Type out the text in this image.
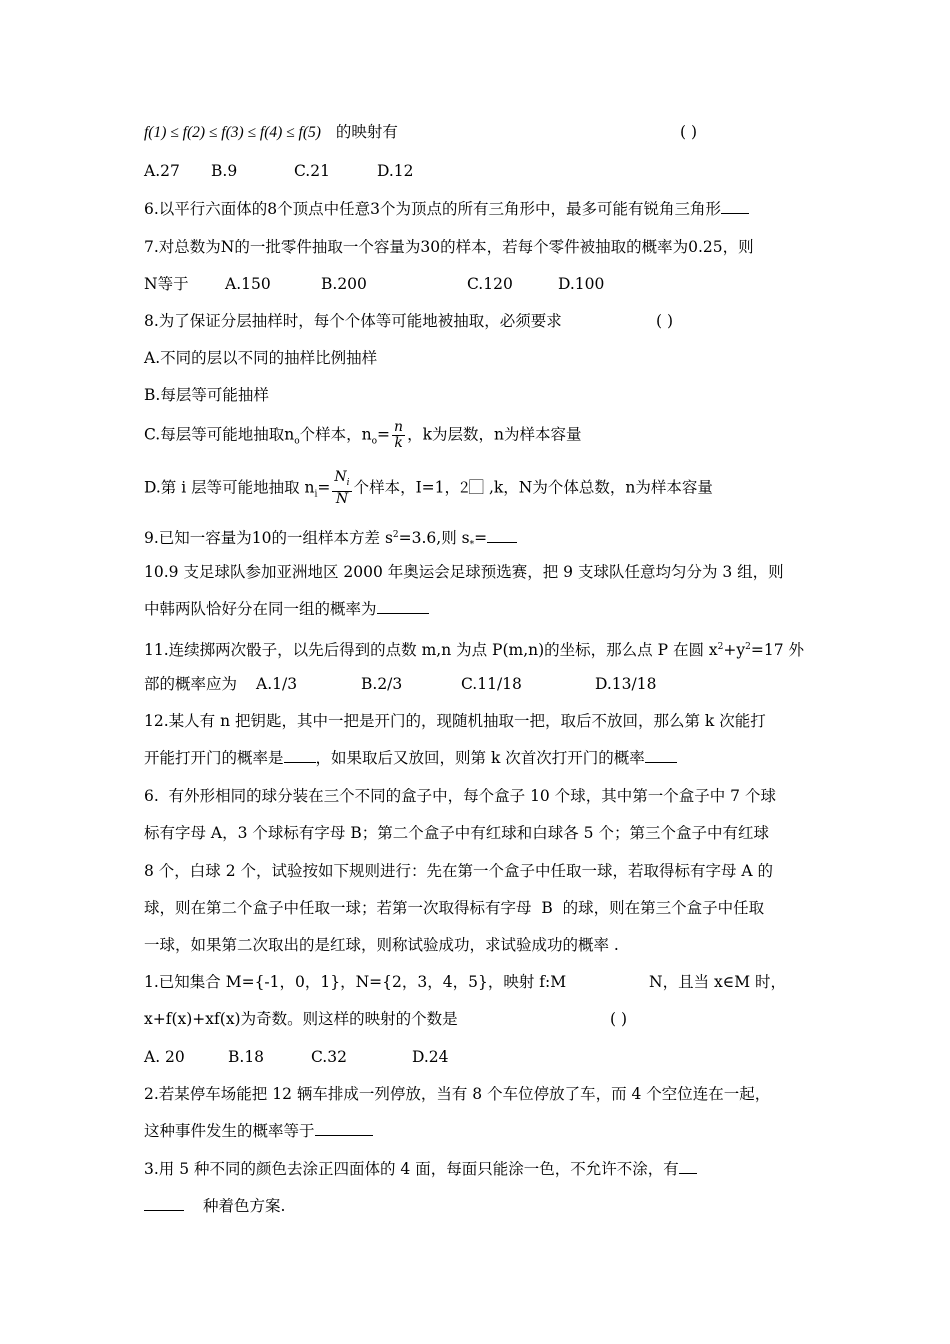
f(1) ≤ f(2) ≤ f(3) ≤ f(4) ≤ f(5) 的映射有	( )
A.27 B.9	C.21	D.12
6.以平行六面体的8个顶点中任意3个为顶点的所有三角形中，最多可能有锐角三角形
7.对总数为N的一批零件抽取一个容量为30的样本，若每个零件被抽取的概率为0.25，则
N等于 A.150	B.200	C.120	D.100
8.为了保证分层抽样时，每个个体等可能地被抽取，必须要求	( )
A.不同的层以不同的抽样比例抽样
B.每层等可能抽样
C.每层等可能地抽取$n_o$个样本，$n_o= \frac{n}{k}$ ，k为层数，n为样本容量
D.第 i 层等可能地抽取 $n_i= \frac{N_i}{N}$ 个样本，I=1，2⃞ ,k，N为个体总数，n为样本容量
9.已知一容量为10的一组样本方差 $s^2=3.6$,则 $s_*=$
10.9 支足球队参加亚洲地区 2000 年奥运会足球预选赛，把 9 支球队任意均匀分为 3 组，则
中韩两队恰好分在同一组的概率为
11.连续掷两次骰子，以先后得到的点数 m,n 为点 P(m,n)的坐标，那么点 P 在圆 $x^2+y^2=17$ 外
部的概率应为 A.1/3	B.2/3	C.11/18	D.13/18
12.某人有 n 把钥匙，其中一把是开门的，现随机抽取一把，取后不放回，那么第 k 次能打
开能打开门的概率是 ，如果取后又放回，则第 k 次首次打开门的概率
6.  有外形相同的球分装在三个不同的盒子中，每个盒子 10 个球，其中第一个盒子中 7 个球
标有字母 A，3 个球标有字母 B；第二个盒子中有红球和白球各 5 个；第三个盒子中有红球
8 个，白球 2 个，试验按如下规则进行：先在第一个盒子中任取一球，若取得标有字母 A 的
球，则在第二个盒子中任取一球；若第一次取得标有字母  B  的球，则在第三个盒子中任取
一球，如果第二次取出的是红球，则称试验成功，求试验成功的概率 .
1.已知集合 M={-1，0，1}，N={2，3，4，5}，映射 f:M	N，且当 x∈M 时，
x+f(x)+xf(x)为奇数。则这样的映射的个数是	( )
A. 20	B.18	C.32	D.24
2.若某停车场能把 12 辆车排成一列停放，当有 8 个车位停放了车，而 4 个空位连在一起，
这种事件发生的概率等于
3.用 5 种不同的颜色去涂正四面体的 4 面，每面只能涂一色，不允许不涂，有
种着色方案.
